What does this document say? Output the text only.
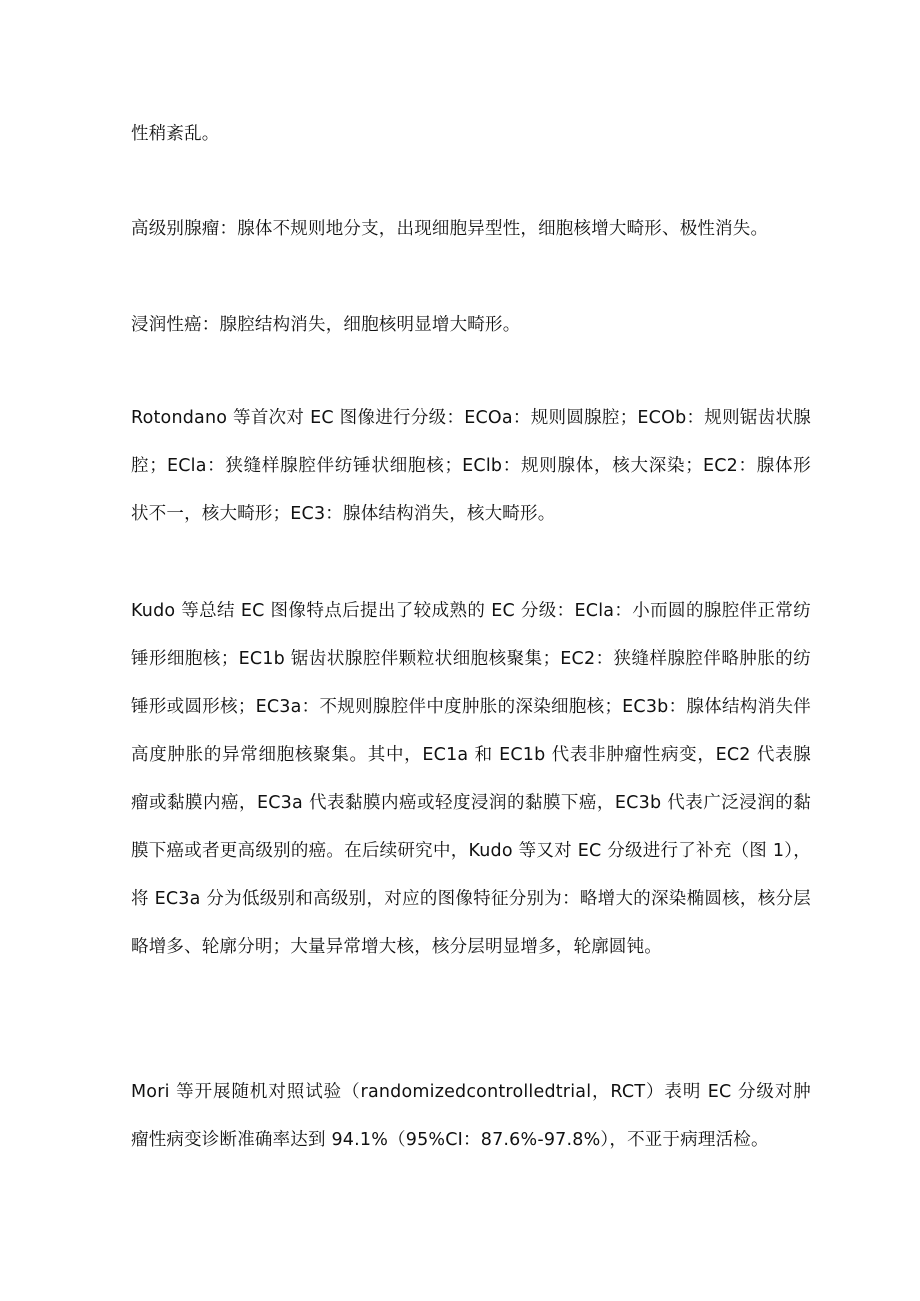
性稍紊乱。

高级别腺瘤：腺体不规则地分支，出现细胞异型性，细胞核增大畸形、极性消失。

浸润性癌：腺腔结构消失，细胞核明显增大畸形。

Rotondano 等首次对 EC 图像进行分级：ECOa：规则圆腺腔；ECOb：规则锯齿状腺腔；EClа：狭缝样腺腔伴纺锤状细胞核；EClb：规则腺体，核大深染；EC2：腺体形状不一，核大畸形；EC3：腺体结构消失，核大畸形。

Kudo 等总结 EC 图像特点后提出了较成熟的 EC 分级：EClа：小而圆的腺腔伴正常纺锤形细胞核；EC1b 锯齿状腺腔伴颗粒状细胞核聚集；EC2：狭缝样腺腔伴略肿胀的纺锤形或圆形核；EC3a：不规则腺腔伴中度肿胀的深染细胞核；EC3b：腺体结构消失伴高度肿胀的异常细胞核聚集。其中，EC1a 和 EC1b 代表非肿瘤性病变，EC2 代表腺瘤或黏膜内癌，EC3a 代表黏膜内癌或轻度浸润的黏膜下癌，EC3b 代表广泛浸润的黏膜下癌或者更高级别的癌。在后续研究中，Kudo 等又对 EC 分级进行了补充（图 1），将 EC3a 分为低级别和高级别，对应的图像特征分别为：略增大的深染椭圆核，核分层略增多、轮廓分明；大量异常增大核，核分层明显增多，轮廓圆钝。

Mori 等开展随机对照试验（randomizedcontrolledtrial，RCT）表明 EC 分级对肿瘤性病变诊断准确率达到 94.1%（95%CI：87.6%-97.8%），不亚于病理活检。
